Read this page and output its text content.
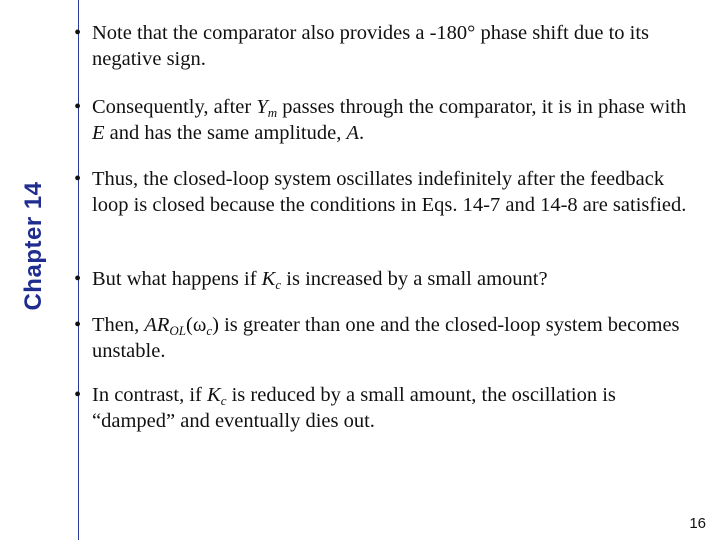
Chapter 14
• Note that the comparator also provides a -180° phase shift due to its negative sign.
• Consequently, after $Y_m$ passes through the comparator, it is in phase with E and has the same amplitude, A.
• Thus, the closed-loop system oscillates indefinitely after the feedback loop is closed because the conditions in Eqs. 14-7 and 14-8 are satisfied.
• But what happens if $K_c$ is increased by a small amount?
• Then, $AR_{OL}(\omega_c)$ is greater than one and the closed-loop system becomes unstable.
• In contrast, if $K_c$ is reduced by a small amount, the oscillation is “damped” and eventually dies out.
16
